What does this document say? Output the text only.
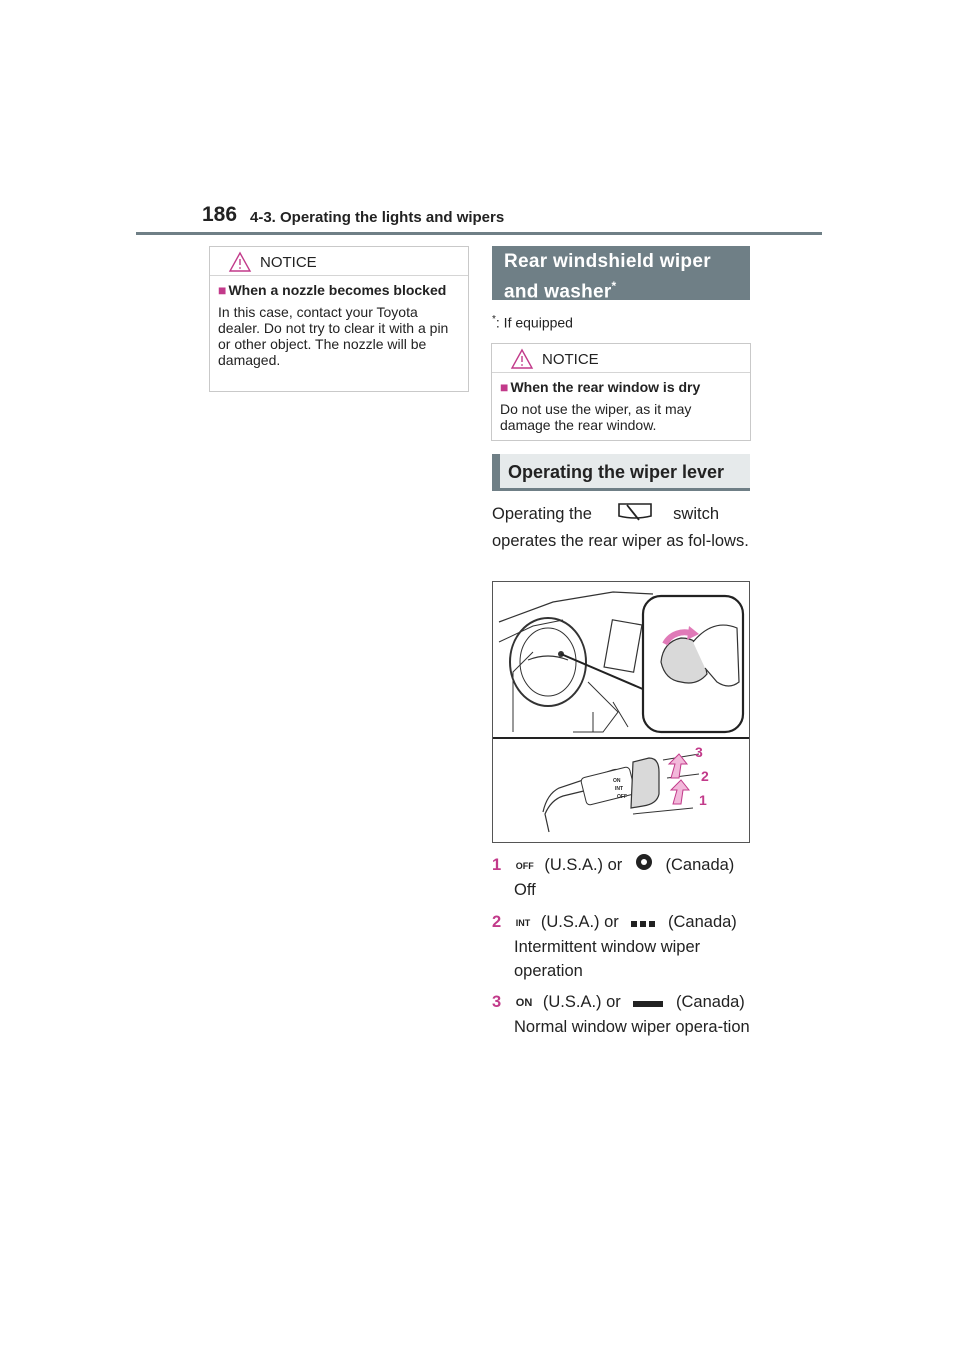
186 4-3. Operating the lights and wipers
NOTICE
■ When a nozzle becomes blocked
In this case, contact your Toyota dealer. Do not try to clear it with a pin or other object. The nozzle will be damaged.
Rear windshield wiper and washer*
*: If equipped
NOTICE
■ When the rear window is dry
Do not use the wiper, as it may damage the rear window.
Operating the wiper lever
Operating the	switch operates the rear wiper as fol-lows.
ON
INT
OFF
3
2
1
1 OFF (U.S.A.) or	(Canada)
Off
2 INT (U.S.A.) or	(Canada)
Intermittent window wiper operation
3 ON (U.S.A.) or	(Canada)
Normal window wiper opera-tion
